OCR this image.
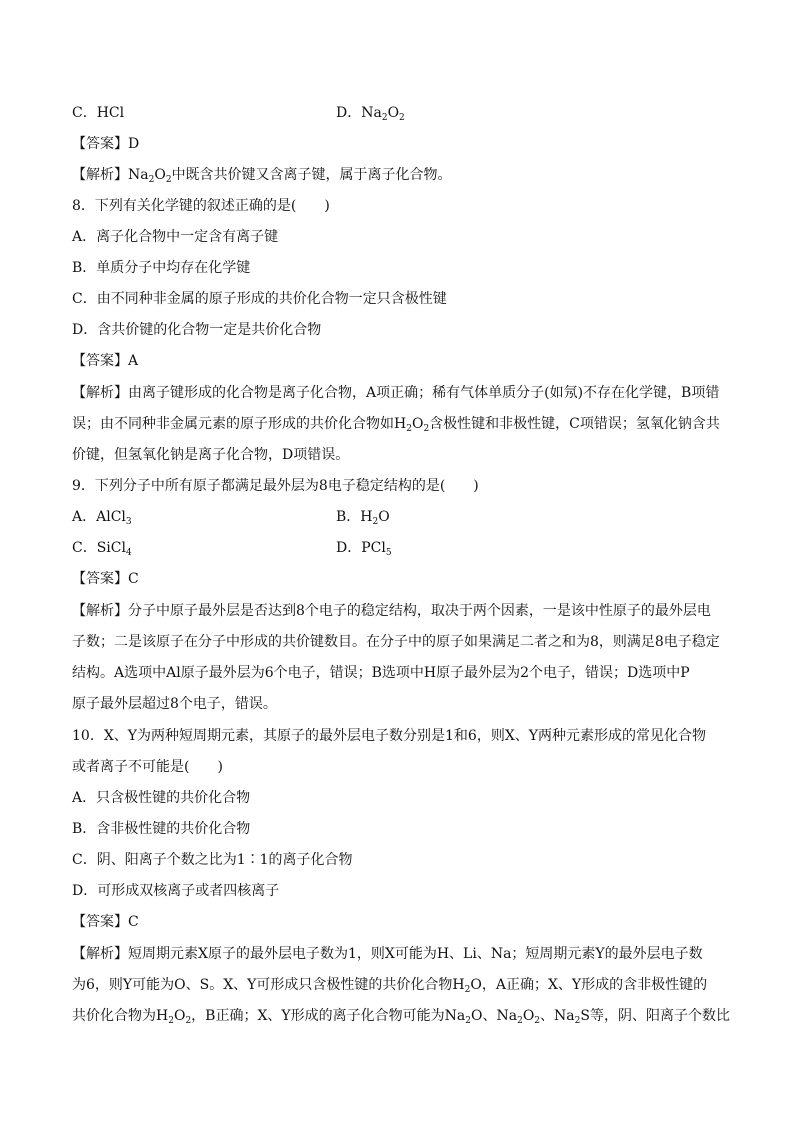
C．HCl	D．$Na_2O_2$
【答案】D
【解析】$Na_2O_2$中既含共价键又含离子键，属于离子化合物。
8．下列有关化学键的叙述正确的是(　　)
A．离子化合物中一定含有离子键
B．单质分子中均存在化学键
C．由不同种非金属的原子形成的共价化合物一定只含极性键
D．含共价键的化合物一定是共价化合物
【答案】A
【解析】由离子键形成的化合物是离子化合物，A项正确；稀有气体单质分子(如氖)不存在化学键，B项错
误；由不同种非金属元素的原子形成的共价化合物如$H_2O_2$含极性键和非极性键，C项错误；氢氧化钠含共
价键，但氢氧化钠是离子化合物，D项错误。
9．下列分子中所有原子都满足最外层为8电子稳定结构的是(　　)
A．AlCl$_3$	B．$H_2O$
C．SiCl$_4$	D．PCl$_5$
【答案】C
【解析】分子中原子最外层是否达到8个电子的稳定结构，取决于两个因素，一是该中性原子的最外层电
子数；二是该原子在分子中形成的共价键数目。在分子中的原子如果满足二者之和为8，则满足8电子稳定
结构。A选项中Al原子最外层为6个电子，错误；B选项中H原子最外层为2个电子，错误；D选项中P
原子最外层超过8个电子，错误。
10．X、Y为两种短周期元素，其原子的最外层电子数分别是1和6，则X、Y两种元素形成的常见化合物
或者离子不可能是(　　)
A．只含极性键的共价化合物
B．含非极性键的共价化合物
C．阴、阳离子个数之比为1∶1的离子化合物
D．可形成双核离子或者四核离子
【答案】C
【解析】短周期元素X原子的最外层电子数为1，则X可能为H、Li、Na；短周期元素Y的最外层电子数
为6，则Y可能为O、S。X、Y可形成只含极性键的共价化合物$H_2O$，A正确；X、Y形成的含非极性键的
共价化合物为$H_2O_2$，B正确；X、Y形成的离子化合物可能为$Na_2O$、$Na_2O_2$、$Na_2S$等，阴、阳离子个数比
